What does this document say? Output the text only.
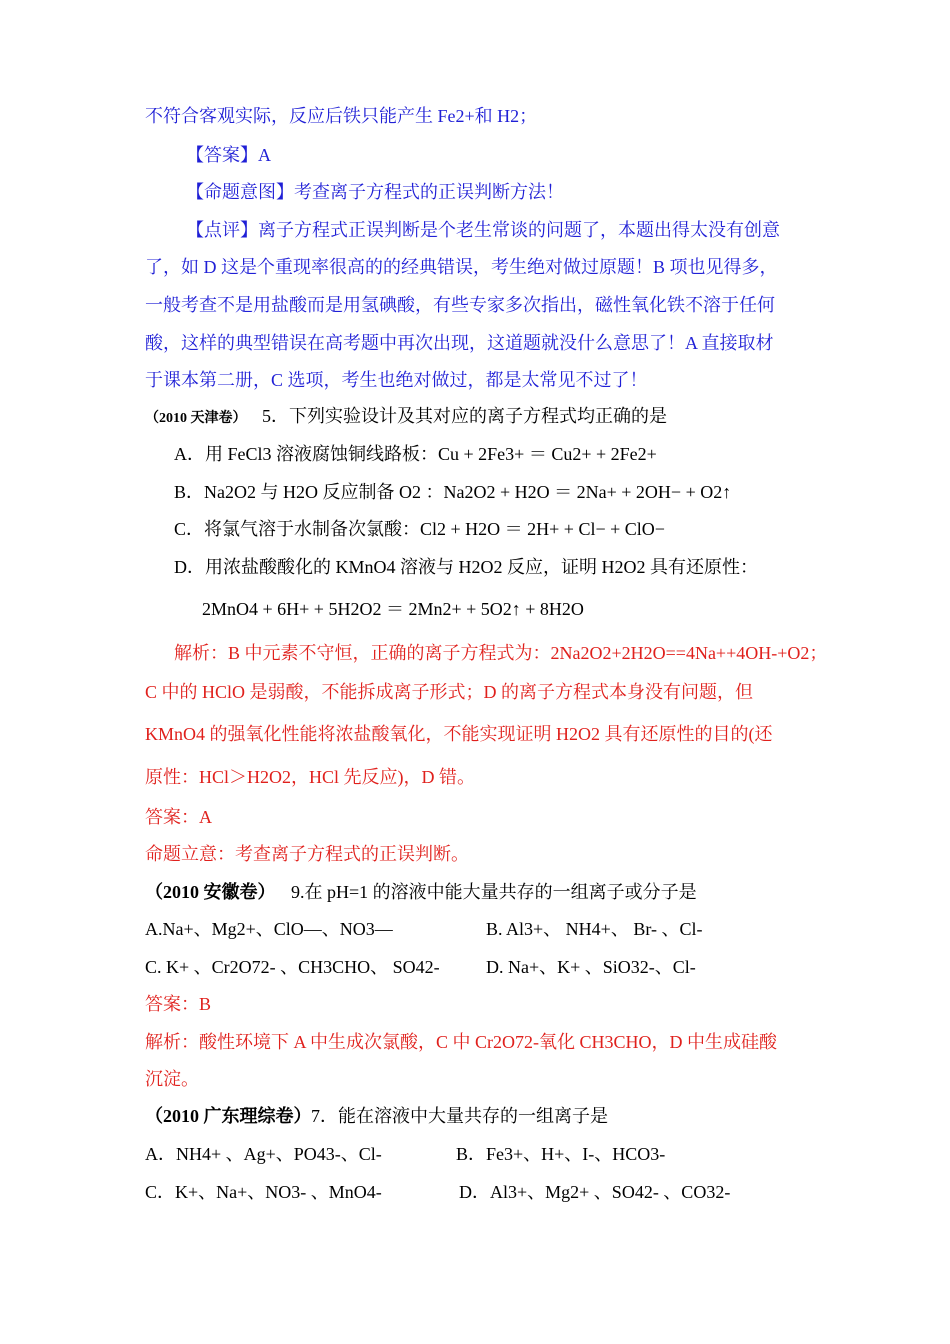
不符合客观实际，反应后铁只能产生 Fe2+和 H2；
【答案】A
【命题意图】考查离子方程式的正误判断方法！
【点评】离子方程式正误判断是个老生常谈的问题了，本题出得太没有创意
了，如 D 这是个重现率很高的的经典错误，考生绝对做过原题！B 项也见得多，
一般考查不是用盐酸而是用氢碘酸，有些专家多次指出，磁性氧化铁不溶于任何
酸，这样的典型错误在高考题中再次出现，这道题就没什么意思了！A 直接取材
于课本第二册，C 选项，考生也绝对做过，都是太常见不过了！
（2010 天津卷） 5．下列实验设计及其对应的离子方程式均正确的是
A．用 FeCl3 溶液腐蚀铜线路板：Cu + 2Fe3+ ＝ Cu2+ + 2Fe2+
B．Na2O2 与 H2O 反应制备 O2 ：Na2O2 + H2O ＝ 2Na+ + 2OH− + O2↑
C．将氯气溶于水制备次氯酸：Cl2 + H2O ＝ 2H+ + Cl− + ClO−
D．用浓盐酸酸化的 KMnO4 溶液与 H2O2 反应，证明 H2O2 具有还原性：
2MnO4 + 6H+ + 5H2O2 ＝ 2Mn2+ + 5O2↑ + 8H2O
解析：B 中元素不守恒，正确的离子方程式为：2Na2O2+2H2O==4Na++4OH-+O2；
C 中的 HClO 是弱酸，不能拆成离子形式；D 的离子方程式本身没有问题，但
KMnO4 的强氧化性能将浓盐酸氧化，不能实现证明 H2O2 具有还原性的目的(还
原性：HCl＞H2O2，HCl 先反应)，D 错。
答案：A
命题立意：考查离子方程式的正误判断。
（2010 安徽卷） 9.在 pH=1 的溶液中能大量共存的一组离子或分子是
A.Na+、Mg2+、ClO—、NO3—	B. Al3+、 NH4+、 Br- 、Cl-
C. K+ 、Cr2O72- 、CH3CHO、 SO42-	D. Na+、K+ 、SiO32-、Cl-
答案：B
解析：酸性环境下 A 中生成次氯酸，C 中 Cr2O72-氧化 CH3CHO，D 中生成硅酸
沉淀。
（2010 广东理综卷） 7．能在溶液中大量共存的一组离子是
A．NH4+ 、Ag+、PO43-、Cl-	B．Fe3+、H+、I-、HCO3-
C．K+、Na+、NO3- 、MnO4-	D．Al3+、Mg2+ 、SO42- 、CO32-
